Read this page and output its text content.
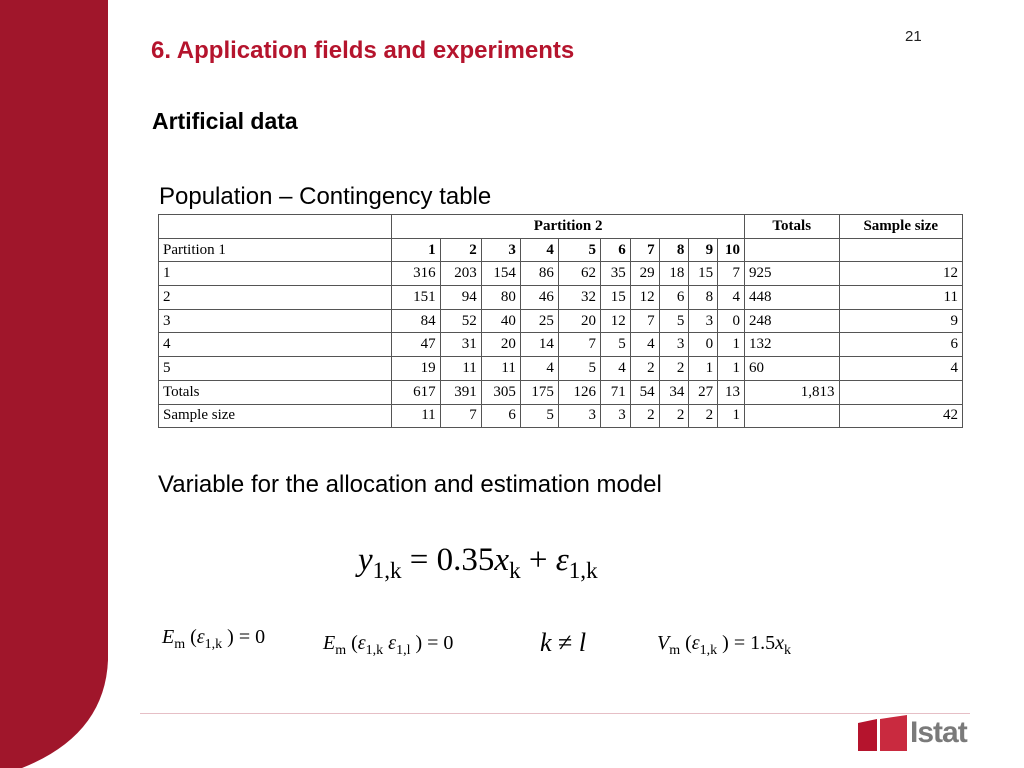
21
6. Application fields and experiments
Artificial data
Population – Contingency table
	Partition 2										Totals	Sample size
Partition 1	1	2	3	4	5	6	7	8	9	10		
1	316	203	154	86	62	35	29	18	15	7	925	12
2	151	94	80	46	32	15	12	6	8	4	448	11
3	84	52	40	25	20	12	7	5	3	0	248	9
4	47	31	20	14	7	5	4	3	0	1	132	6
5	19	11	11	4	5	4	2	2	1	1	60	4
Totals	617	391	305	175	126	71	54	34	27	13	1,813	
Sample size	11	7	6	5	3	3	2	2	2	1		42
Variable for the allocation and estimation model
$y_{1,k} = 0.35x_k + \varepsilon_{1,k}$
$E_m$ ($\varepsilon_{1,k}$ ) = 0	$E_m$ ($\varepsilon_{1,k}$ $\varepsilon_{1,l}$ ) = 0	k ≠ l	$V_m$ ($\varepsilon_{1,k}$ ) = $1.5x_k$
Istat
